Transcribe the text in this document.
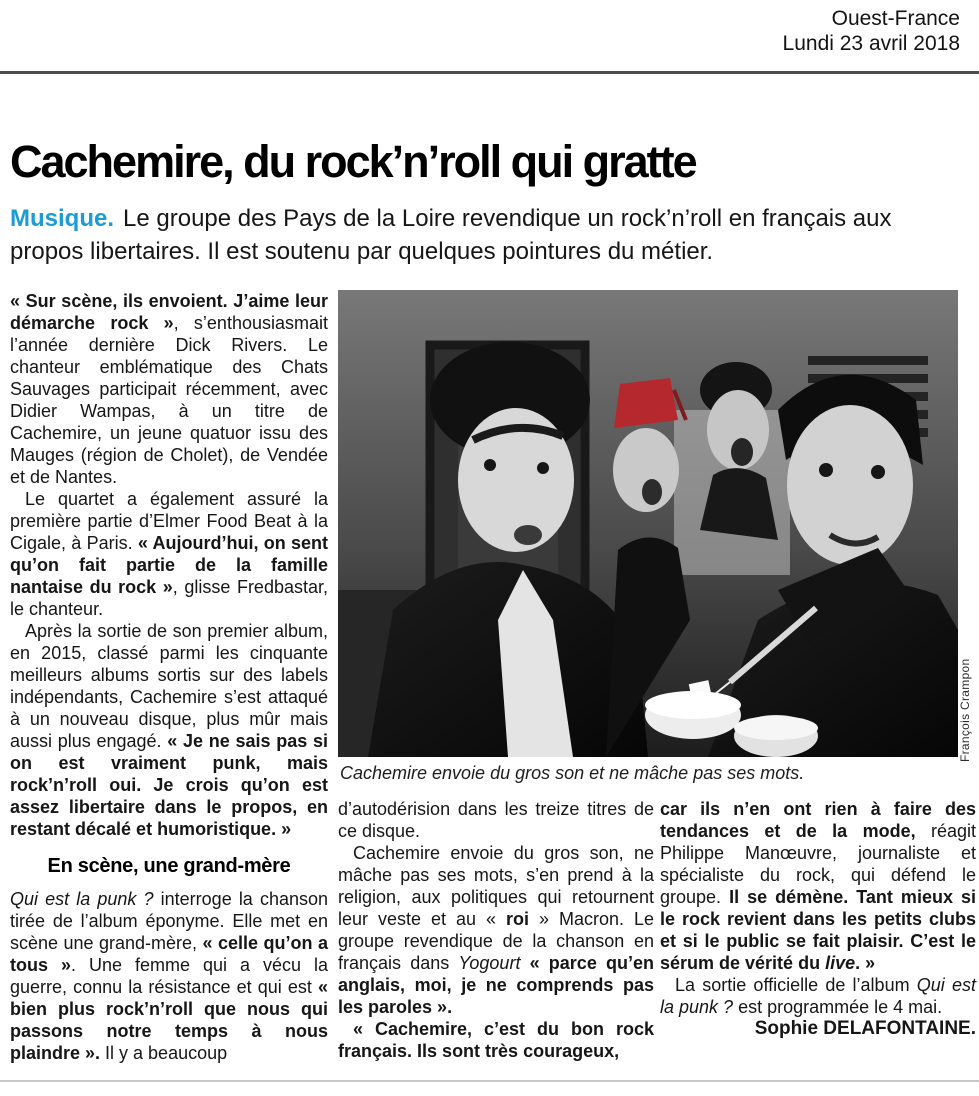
Ouest-France
Lundi 23 avril 2018
Cachemire, du rock’n’roll qui gratte

Musique. Le groupe des Pays de la Loire revendique un rock’n’roll en français aux propos libertaires. Il est soutenu par quelques pointures du métier.

« Sur scène, ils envoient. J’aime leur démarche rock », s’enthousiasmait l’année dernière Dick Rivers. Le chanteur emblématique des Chats Sauvages participait récemment, avec Didier Wampas, à un titre de Cachemire, un jeune quatuor issu des Mauges (région de Cholet), de Vendée et de Nantes.

Le quartet a également assuré la première partie d’Elmer Food Beat à la Cigale, à Paris. « Aujourd’hui, on sent qu’on fait partie de la famille nantaise du rock », glisse Fredbastar, le chanteur.

Après la sortie de son premier album, en 2015, classé parmi les cinquante meilleurs albums sortis sur des labels indépendants, Cachemire s’est attaqué à un nouveau disque, plus mûr mais aussi plus engagé. « Je ne sais pas si on est vraiment punk, mais rock’n’roll oui. Je crois qu’on est assez libertaire dans le propos, en restant décalé et humoristique. »

En scène, une grand-mère

Qui est la punk ? interroge la chanson tirée de l’album éponyme. Elle met en scène une grand-mère, « celle qu’on a tous ». Une femme qui a vécu la guerre, connu la résistance et qui est « bien plus rock’n’roll que nous qui passons notre temps à nous plaindre ». Il y a beaucoup

François Crampon

Cachemire envoie du gros son et ne mâche pas ses mots.

d’autodérision dans les treize titres de ce disque.

Cachemire envoie du gros son, ne mâche pas ses mots, s’en prend à la religion, aux politiques qui retournent leur veste et au « roi » Macron. Le groupe revendique de la chanson en français dans Yogourt « parce qu’en anglais, moi, je ne comprends pas les paroles ».

« Cachemire, c’est du bon rock français. Ils sont très courageux,

car ils n’en ont rien à faire des tendances et de la mode, réagit Philippe Manœuvre, journaliste et spécialiste du rock, qui défend le groupe. Il se démène. Tant mieux si le rock revient dans les petits clubs et si le public se fait plaisir. C’est le sérum de vérité du live. »

La sortie officielle de l’album Qui est la punk ? est programmée le 4 mai.

Sophie DELAFONTAINE.
